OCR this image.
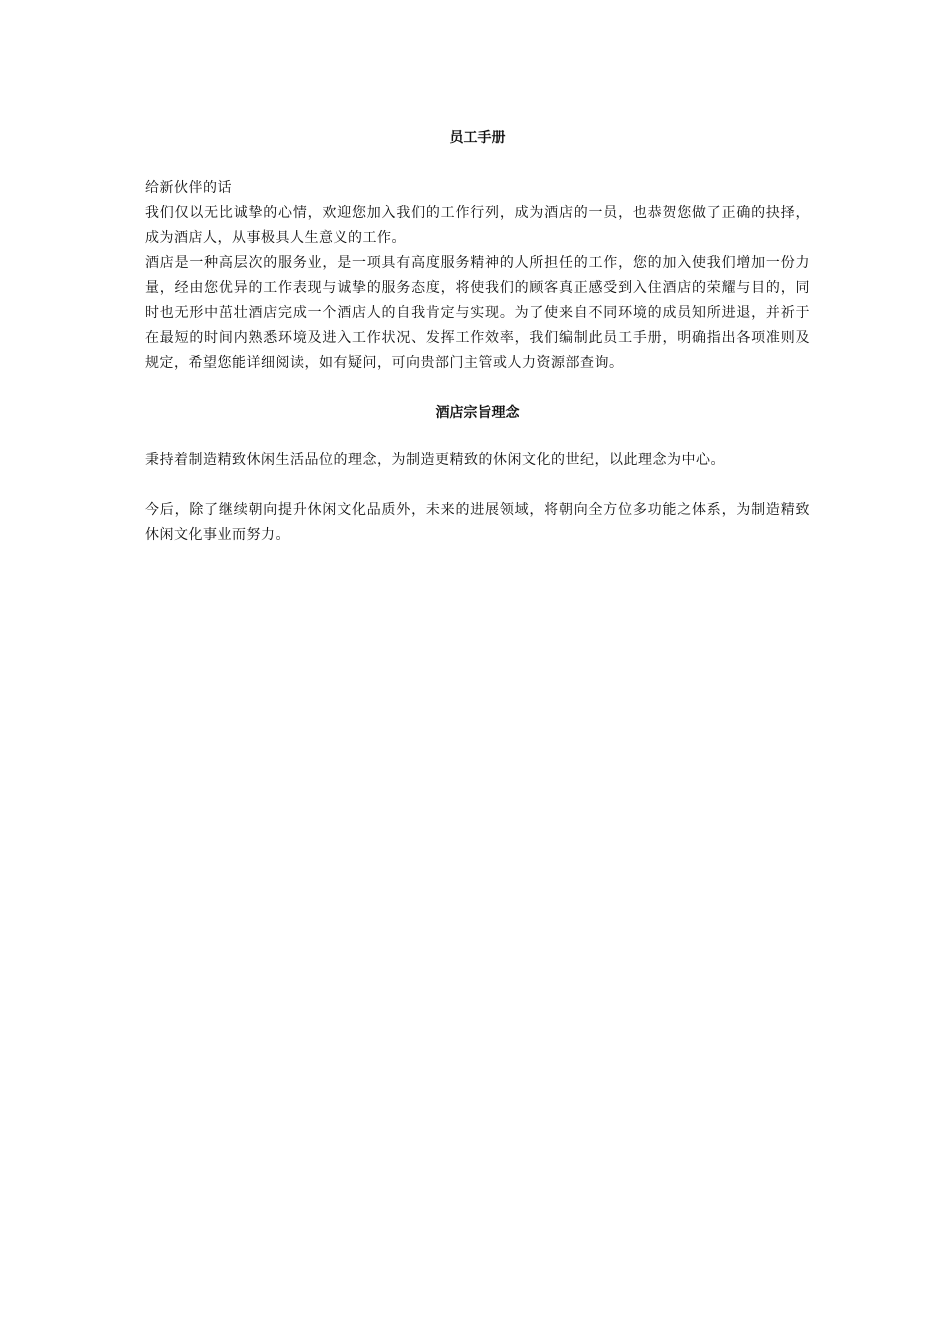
员工手册

给新伙伴的话

我们仅以无比诚挚的心情，欢迎您加入我们的工作行列，成为酒店的一员，也恭贺您做了正确的抉择，成为酒店人，从事极具人生意义的工作。

酒店是一种高层次的服务业，是一项具有高度服务精神的人所担任的工作，您的加入使我们增加一份力量，经由您优异的工作表现与诚挚的服务态度，将使我们的顾客真正感受到入住酒店的荣耀与目的，同时也无形中茁壮酒店完成一个酒店人的自我肯定与实现。为了使来自不同环境的成员知所进退，并祈于在最短的时间内熟悉环境及进入工作状况、发挥工作效率，我们编制此员工手册，明确指出各项准则及规定，希望您能详细阅读，如有疑问，可向贵部门主管或人力资源部查询。

酒店宗旨理念

秉持着制造精致休闲生活品位的理念，为制造更精致的休闲文化的世纪，以此理念为中心。

今后，除了继续朝向提升休闲文化品质外，未来的进展领域，将朝向全方位多功能之体系，为制造精致休闲文化事业而努力。
